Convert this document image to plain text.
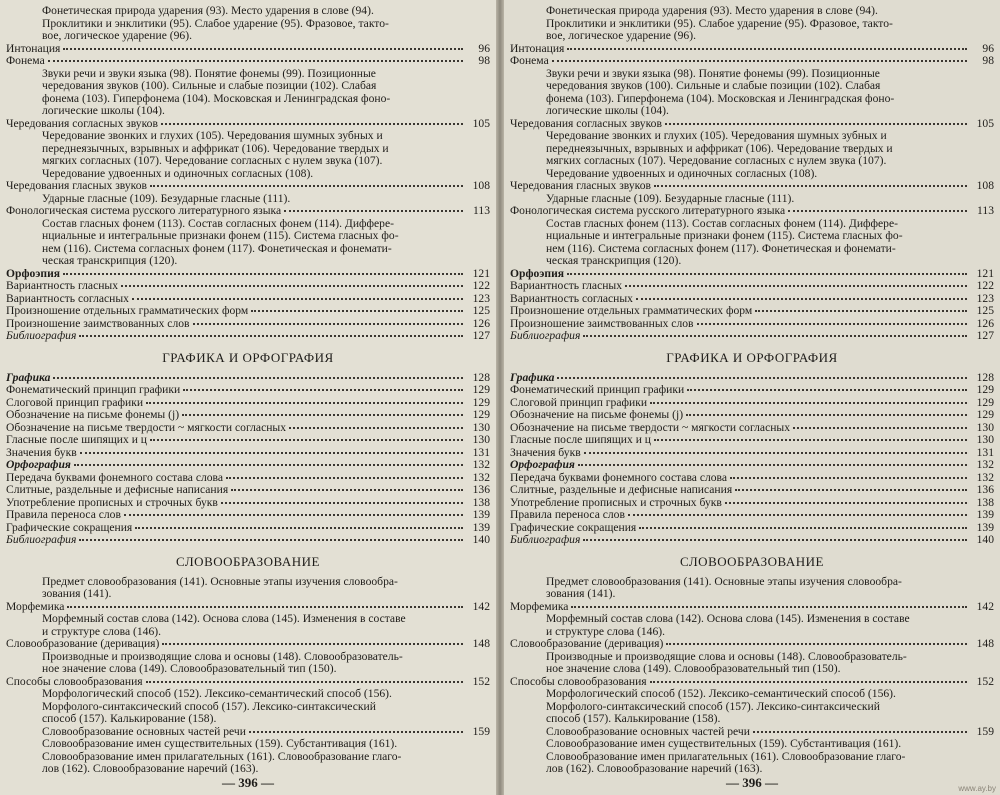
Фонетическая природа ударения (93). Место ударения в слове (94).
Проклитики и энклитики (95). Слабое ударение (95). Фразовое, такто-
вое, логическое ударение (96).
Интонация	96
Фонема	98
Звуки речи и звуки языка (98). Понятие фонемы (99). Позиционные
чередования звуков (100). Сильные и слабые позиции (102). Слабая
фонема (103). Гиперфонема (104). Московская и Ленинградская фоно-
логические школы (104).
Чередования согласных звуков	105
Чередование звонких и глухих (105). Чередования шумных зубных и
переднеязычных, взрывных и аффрикат (106). Чередование твердых и
мягких согласных (107). Чередование согласных с нулем звука (107).
Чередование удвоенных и одиночных согласных (108).
Чередования гласных звуков	108
Ударные гласные (109). Безударные гласные (111).
Фонологическая система русского литературного языка	113
Состав гласных фонем (113). Состав согласных фонем (114). Диффере-
нциальные и интегральные признаки фонем (115). Система гласных фо-
нем (116). Система согласных фонем (117). Фонетическая и фонемати-
ческая транскрипция (120).
Орфоэпия	121
Вариантность гласных	122
Вариантность согласных	123
Произношение отдельных грамматических форм	125
Произношение заимствованных слов	126
Библиография	127
ГРАФИКА И ОРФОГРАФИЯ
Графика	128
Фонематический принцип графики	129
Слоговой принцип графики	129
Обозначение на письме фонемы (j)	129
Обозначение на письме твердости ~ мягкости согласных	130
Гласные после шипящих и ц	130
Значения букв	131
Орфография	132
Передача буквами фонемного состава слова	132
Слитные, раздельные и дефисные написания	136
Употребление прописных и строчных букв	138
Правила переноса слов	139
Графические сокращения	139
Библиография	140
СЛОВООБРАЗОВАНИЕ
Предмет словообразования (141). Основные этапы изучения словообра-
зования (141).
Морфемика	142
Морфемный состав слова (142). Основа слова (145). Изменения в составе
и структуре слова (146).
Словообразование (деривация)	148
Производные и производящие слова и основы (148). Словообразователь-
ное значение слова (149). Словообразовательный тип (150).
Способы словообразования	152
Морфологический способ (152). Лексико-семантический способ (156).
Морфолого-синтаксический способ (157). Лексико-синтаксический
способ (157). Калькирование (158).
Словообразование основных частей речи	159
Словообразование имен существительных (159). Субстантивация (161).
Словообразование имен прилагательных (161). Словообразование глаго-
лов (162). Словообразование наречий (163).
— 396 —
Фонетическая природа ударения (93). Место ударения в слове (94).
Проклитики и энклитики (95). Слабое ударение (95). Фразовое, такто-
вое, логическое ударение (96).
Интонация	96
Фонема	98
Звуки речи и звуки языка (98). Понятие фонемы (99). Позиционные
чередования звуков (100). Сильные и слабые позиции (102). Слабая
фонема (103). Гиперфонема (104). Московская и Ленинградская фоно-
логические школы (104).
Чередования согласных звуков	105
Чередование звонких и глухих (105). Чередования шумных зубных и
переднеязычных, взрывных и аффрикат (106). Чередование твердых и
мягких согласных (107). Чередование согласных с нулем звука (107).
Чередование удвоенных и одиночных согласных (108).
Чередования гласных звуков	108
Ударные гласные (109). Безударные гласные (111).
Фонологическая система русского литературного языка	113
Состав гласных фонем (113). Состав согласных фонем (114). Диффере-
нциальные и интегральные признаки фонем (115). Система гласных фо-
нем (116). Система согласных фонем (117). Фонетическая и фонемати-
ческая транскрипция (120).
Орфоэпия	121
Вариантность гласных	122
Вариантность согласных	123
Произношение отдельных грамматических форм	125
Произношение заимствованных слов	126
Библиография	127
ГРАФИКА И ОРФОГРАФИЯ
Графика	128
Фонематический принцип графики	129
Слоговой принцип графики	129
Обозначение на письме фонемы (j)	129
Обозначение на письме твердости ~ мягкости согласных	130
Гласные после шипящих и ц	130
Значения букв	131
Орфография	132
Передача буквами фонемного состава слова	132
Слитные, раздельные и дефисные написания	136
Употребление прописных и строчных букв	138
Правила переноса слов	139
Графические сокращения	139
Библиография	140
СЛОВООБРАЗОВАНИЕ
Предмет словообразования (141). Основные этапы изучения словообра-
зования (141).
Морфемика	142
Морфемный состав слова (142). Основа слова (145). Изменения в составе
и структуре слова (146).
Словообразование (деривация)	148
Производные и производящие слова и основы (148). Словообразователь-
ное значение слова (149). Словообразовательный тип (150).
Способы словообразования	152
Морфологический способ (152). Лексико-семантический способ (156).
Морфолого-синтаксический способ (157). Лексико-синтаксический
способ (157). Калькирование (158).
Словообразование основных частей речи	159
Словообразование имен существительных (159). Субстантивация (161).
Словообразование имен прилагательных (161). Словообразование глаго-
лов (162). Словообразование наречий (163).
— 396 —	www.ay.by
